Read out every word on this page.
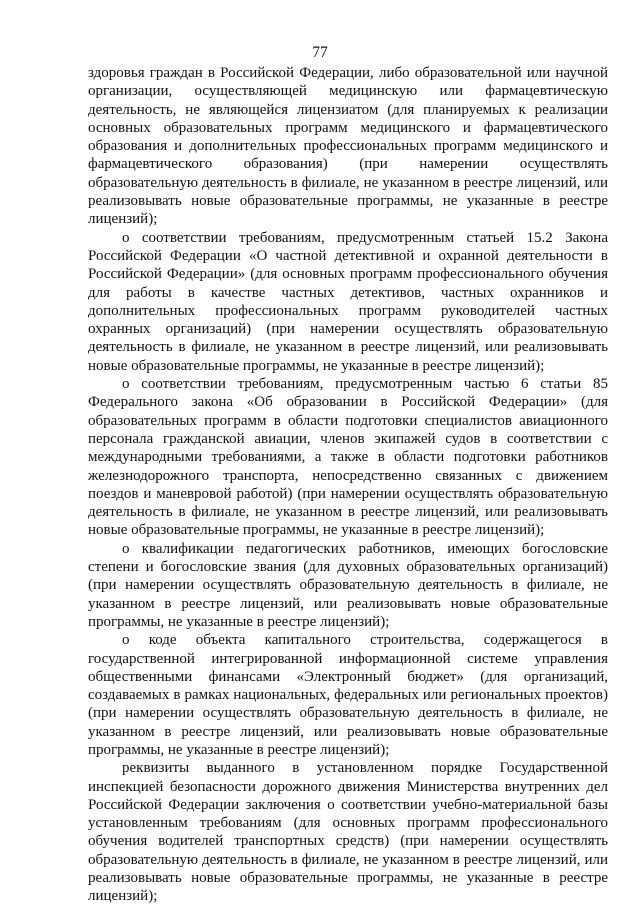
77

здоровья граждан в Российской Федерации, либо образовательной или научной организации, осуществляющей медицинскую или фармацевтическую деятельность, не являющейся лицензиатом (для планируемых к реализации основных образовательных программ медицинского и фармацевтического образования и дополнительных профессиональных программ медицинского и фармацевтического образования) (при намерении осуществлять образовательную деятельность в филиале, не указанном в реестре лицензий, или реализовывать новые образовательные программы, не указанные в реестре лицензий);

о соответствии требованиям, предусмотренным статьей 15.2 Закона Российской Федерации «О частной детективной и охранной деятельности в Российской Федерации» (для основных программ профессионального обучения для работы в качестве частных детективов, частных охранников и дополнительных профессиональных программ руководителей частных охранных организаций) (при намерении осуществлять образовательную деятельность в филиале, не указанном в реестре лицензий, или реализовывать новые образовательные программы, не указанные в реестре лицензий);

о соответствии требованиям, предусмотренным частью 6 статьи 85 Федерального закона «Об образовании в Российской Федерации» (для образовательных программ в области подготовки специалистов авиационного персонала гражданской авиации, членов экипажей судов в соответствии с международными требованиями, а также в области подготовки работников железнодорожного транспорта, непосредственно связанных с движением поездов и маневровой работой) (при намерении осуществлять образовательную деятельность в филиале, не указанном в реестре лицензий, или реализовывать новые образовательные программы, не указанные в реестре лицензий);

о квалификации педагогических работников, имеющих богословские степени и богословские звания (для духовных образовательных организаций) (при намерении осуществлять образовательную деятельность в филиале, не указанном в реестре лицензий, или реализовывать новые образовательные программы, не указанные в реестре лицензий);

о коде объекта капитального строительства, содержащегося в государственной интегрированной информационной системе управления общественными финансами «Электронный бюджет» (для организаций, создаваемых в рамках национальных, федеральных или региональных проектов) (при намерении осуществлять образовательную деятельность в филиале, не указанном в реестре лицензий, или реализовывать новые образовательные программы, не указанные в реестре лицензий);

реквизиты выданного в установленном порядке Государственной инспекцией безопасности дорожного движения Министерства внутренних дел Российской Федерации заключения о соответствии учебно-материальной базы установленным требованиям (для основных программ профессионального обучения водителей транспортных средств) (при намерении осуществлять образовательную деятельность в филиале, не указанном в реестре лицензий, или реализовывать новые образовательные программы, не указанные в реестре лицензий);
